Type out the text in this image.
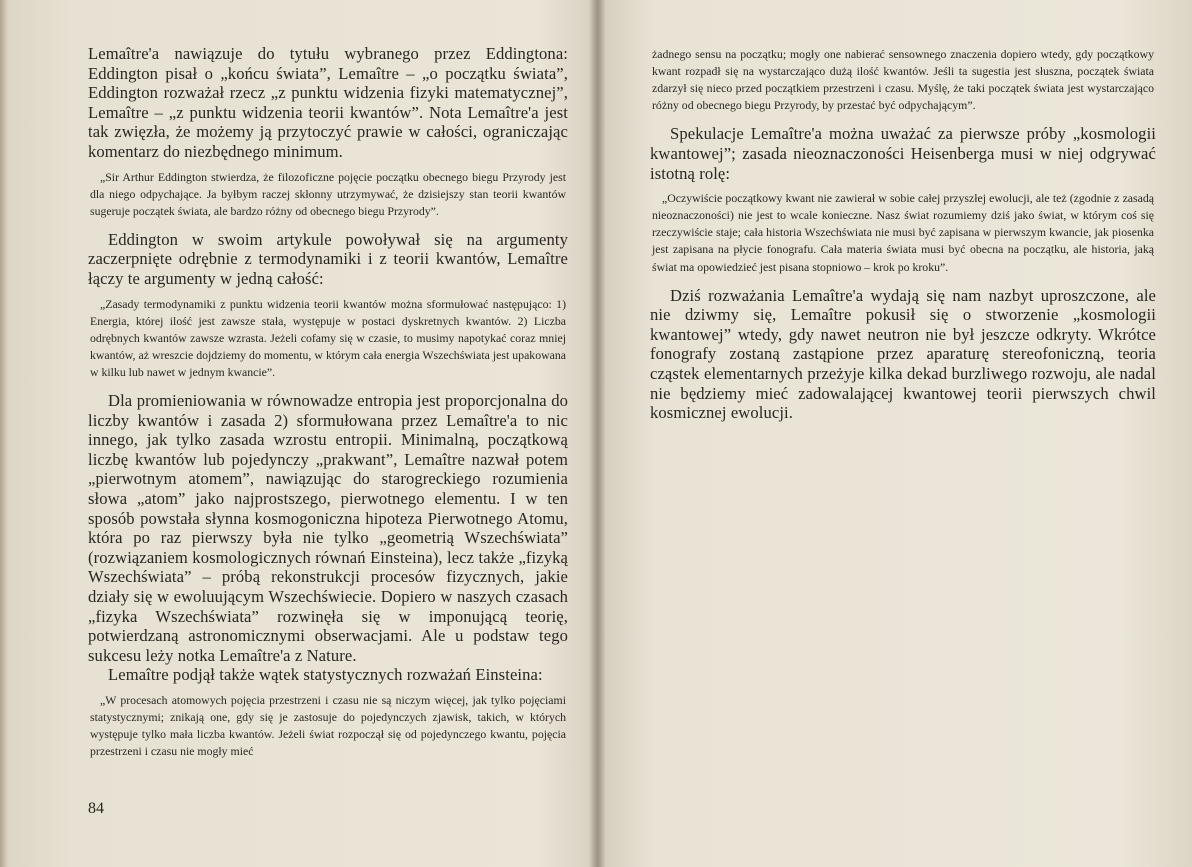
Lemaître'a nawiązuje do tytułu wybranego przez Eddingtona: Eddington pisał o „końcu świata”, Lemaître – „o początku świata”, Eddington rozważał rzecz „z punktu widzenia fizyki matematycznej”, Lemaître – „z punktu widzenia teorii kwantów”. Nota Lemaître'a jest tak zwięzła, że możemy ją przytoczyć prawie w całości, ograniczając komentarz do niezbędnego minimum.

„Sir Arthur Eddington stwierdza, że filozoficzne pojęcie początku obecnego biegu Przyrody jest dla niego odpychające. Ja byłbym raczej skłonny utrzymywać, że dzisiejszy stan teorii kwantów sugeruje początek świata, ale bardzo różny od obecnego biegu Przyrody”.

Eddington w swoim artykule powoływał się na argumenty zaczerpnięte odrębnie z termodynamiki i z teorii kwantów, Lemaître łączy te argumenty w jedną całość:

„Zasady termodynamiki z punktu widzenia teorii kwantów można sformułować następująco: 1) Energia, której ilość jest zawsze stała, występuje w postaci dyskretnych kwantów. 2) Liczba odrębnych kwantów zawsze wzrasta. Jeżeli cofamy się w czasie, to musimy napotykać coraz mniej kwantów, aż wreszcie dojdziemy do momentu, w którym cała energia Wszechświata jest upakowana w kilku lub nawet w jednym kwancie”.

Dla promieniowania w równowadze entropia jest proporcjonalna do liczby kwantów i zasada 2) sformułowana przez Lemaître'a to nic innego, jak tylko zasada wzrostu entropii. Minimalną, początkową liczbę kwantów lub pojedynczy „prakwant”, Lemaître nazwał potem „pierwotnym atomem”, nawiązując do starogreckiego rozumienia słowa „atom” jako najprostszego, pierwotnego elementu. I w ten sposób powstała słynna kosmogoniczna hipoteza Pierwotnego Atomu, która po raz pierwszy była nie tylko „geometrią Wszechświata” (rozwiązaniem kosmologicznych równań Einsteina), lecz także „fizyką Wszechświata” – próbą rekonstrukcji procesów fizycznych, jakie działy się w ewoluującym Wszechświecie. Dopiero w naszych czasach „fizyka Wszechświata” rozwinęła się w imponującą teorię, potwierdzaną astronomicznymi obserwacjami. Ale u podstaw tego sukcesu leży notka Lemaître'a z Nature.

Lemaître podjął także wątek statystycznych rozważań Einsteina:

„W procesach atomowych pojęcia przestrzeni i czasu nie są niczym więcej, jak tylko pojęciami statystycznymi; znikają one, gdy się je zastosuje do pojedynczych zjawisk, takich, w których występuje tylko mała liczba kwantów. Jeżeli świat rozpoczął się od pojedynczego kwantu, pojęcia przestrzeni i czasu nie mogły mieć

84

żadnego sensu na początku; mogły one nabierać sensownego znaczenia dopiero wtedy, gdy początkowy kwant rozpadł się na wystarczająco dużą ilość kwantów. Jeśli ta sugestia jest słuszna, początek świata zdarzył się nieco przed początkiem przestrzeni i czasu. Myślę, że taki początek świata jest wystarczająco różny od obecnego biegu Przyrody, by przestać być odpychającym”.

Spekulacje Lemaître'a można uważać za pierwsze próby „kosmologii kwantowej”; zasada nieoznaczoności Heisenberga musi w niej odgrywać istotną rolę:

„Oczywiście początkowy kwant nie zawierał w sobie całej przyszłej ewolucji, ale też (zgodnie z zasadą nieoznaczoności) nie jest to wcale konieczne. Nasz świat rozumiemy dziś jako świat, w którym coś się rzeczywiście staje; cała historia Wszechświata nie musi być zapisana w pierwszym kwancie, jak piosenka jest zapisana na płycie fonografu. Cała materia świata musi być obecna na początku, ale historia, jaką świat ma opowiedzieć jest pisana stopniowo – krok po kroku”.

Dziś rozważania Lemaître'a wydają się nam nazbyt uproszczone, ale nie dziwmy się, Lemaître pokusił się o stworzenie „kosmologii kwantowej” wtedy, gdy nawet neutron nie był jeszcze odkryty. Wkrótce fonografy zostaną zastąpione przez aparaturę stereofoniczną, teoria cząstek elementarnych przeżyje kilka dekad burzliwego rozwoju, ale nadal nie będziemy mieć zadowalającej kwantowej teorii pierwszych chwil kosmicznej ewolucji.
